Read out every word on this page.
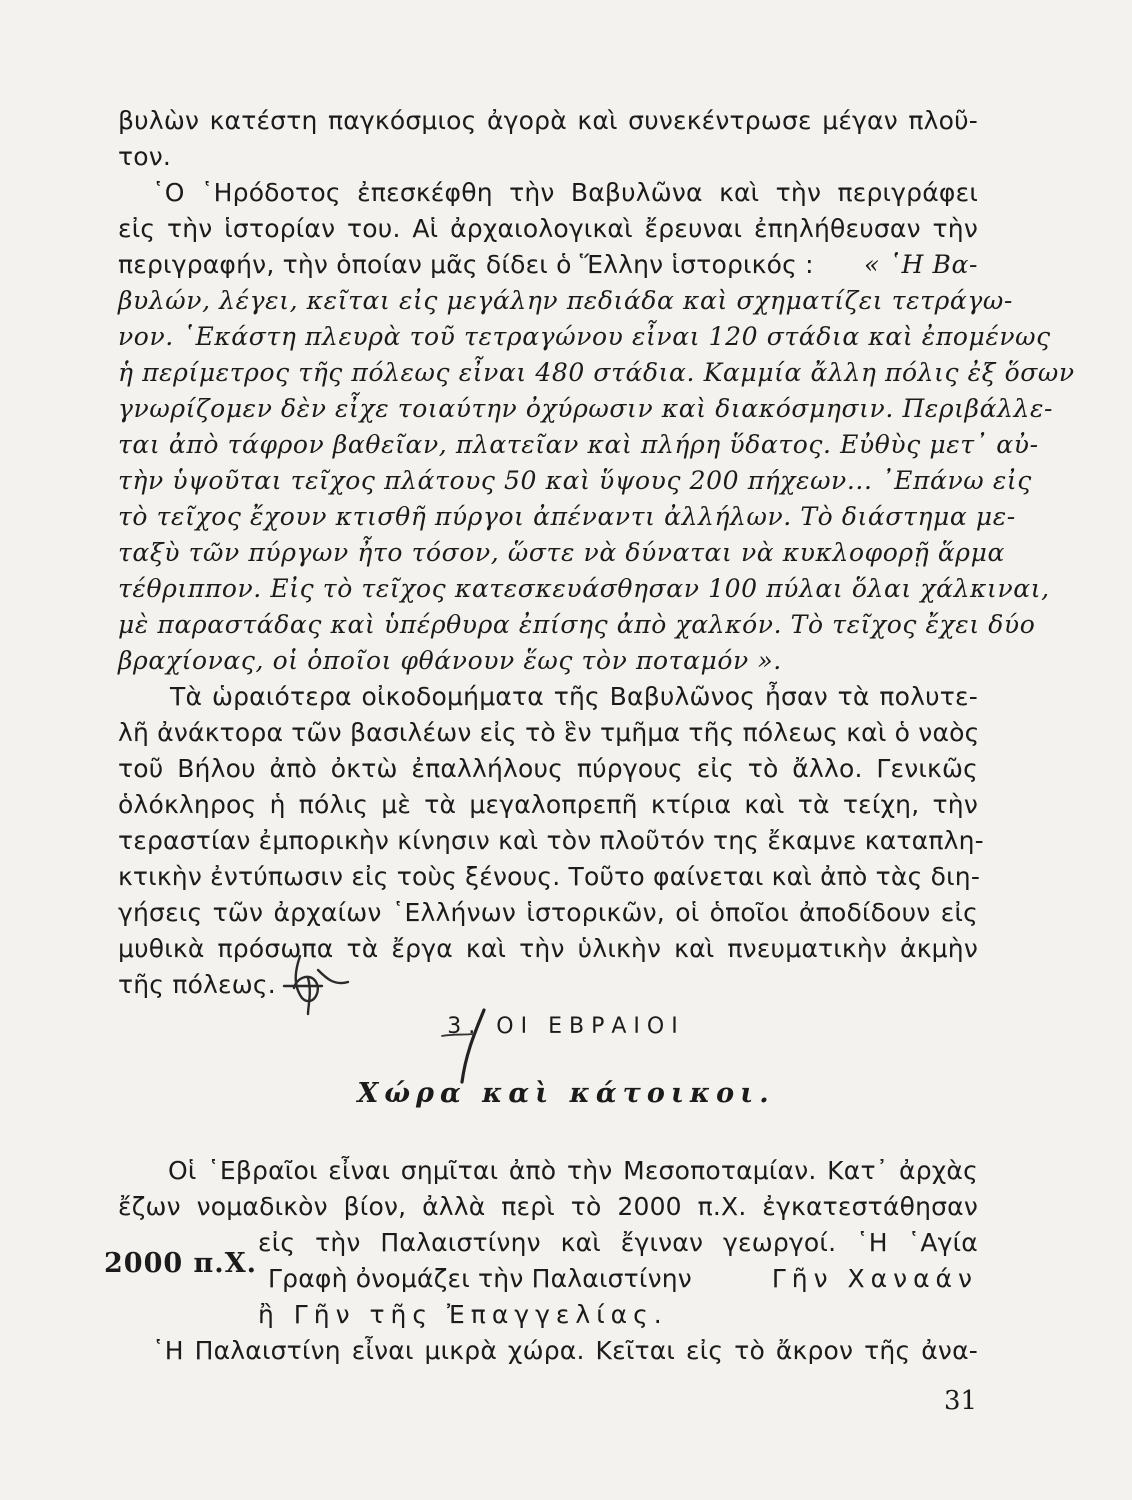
βυλὼν κατέστη παγκόσμιος ἀγορὰ καὶ συνεκέντρωσε μέγαν πλοῦ-
τον.
῾Ο ῾Ηρόδοτος ἐπεσκέφθη τὴν Βαβυλῶνα καὶ τὴν περιγράφει
εἰς τὴν ἱστορίαν του. Αἱ ἀρχαιολογικαὶ ἔρευναι ἐπηλήθευσαν τὴν
περιγραφήν, τὴν ὁποίαν μᾶς δίδει ὁ Ἕλλην ἱστορικός : « ῾Η Βα-
βυλών, λέγει, κεῖται εἰς μεγάλην πεδιάδα καὶ σχηματίζει τετράγω-
νον. ῾Εκάστη πλευρὰ τοῦ τετραγώνου εἶναι 120 στάδια καὶ ἐπομένως
ἡ περίμετρος τῆς πόλεως εἶναι 480 στάδια. Καμμία ἄλλη πόλις ἐξ ὅσων
γνωρίζομεν δὲν εἶχε τοιαύτην ὀχύρωσιν καὶ διακόσμησιν. Περιβάλλε-
ται ἀπὸ τάφρον βαθεῖαν, πλατεῖαν καὶ πλήρη ὕδατος. Εὐθὺς μετ᾽ αὐ-
τὴν ὑψοῦται τεῖχος πλάτους 50 καὶ ὕψους 200 πήχεων... ᾽Επάνω εἰς
τὸ τεῖχος ἔχουν κτισθῆ πύργοι ἀπέναντι ἀλλήλων. Τὸ διάστημα με-
ταξὺ τῶν πύργων ἦτο τόσον, ὥστε νὰ δύναται νὰ κυκλοφορῇ ἅρμα
τέθριππον. Εἰς τὸ τεῖχος κατεσκευάσθησαν 100 πύλαι ὅλαι χάλκιναι,
μὲ παραστάδας καὶ ὑπέρθυρα ἐπίσης ἀπὸ χαλκόν. Τὸ τεῖχος ἔχει δύο
βραχίονας, οἱ ὁποῖοι φθάνουν ἕως τὸν ποταμόν ».
Τὰ ὡραιότερα οἰκοδομήματα τῆς Βαβυλῶνος ἦσαν τὰ πολυτε-
λῆ ἀνάκτορα τῶν βασιλέων εἰς τὸ ἓν τμῆμα τῆς πόλεως καὶ ὁ ναὸς
τοῦ Βήλου ἀπὸ ὀκτὼ ἐπαλλήλους πύργους εἰς τὸ ἄλλο. Γενικῶς
ὁλόκληρος ἡ πόλις μὲ τὰ μεγαλοπρεπῆ κτίρια καὶ τὰ τείχη, τὴν
τεραστίαν ἐμπορικὴν κίνησιν καὶ τὸν πλοῦτόν της ἔκαμνε καταπλη-
κτικὴν ἐντύπωσιν εἰς τοὺς ξένους. Τοῦτο φαίνεται καὶ ἀπὸ τὰς διη-
γήσεις τῶν ἀρχαίων ῾Ελλήνων ἱστορικῶν, οἱ ὁποῖοι ἀποδίδουν εἰς
μυθικὰ πρόσωπα τὰ ἔργα καὶ τὴν ὑλικὴν καὶ πνευματικὴν ἀκμὴν
τῆς πόλεως.
3. ΟΙ ΕΒΡΑΙΟΙ
Χώρα καὶ κάτοικοι.
Οἱ ῾Εβραῖοι εἶναι σημῖται ἀπὸ τὴν Μεσοποταμίαν. Κατ᾽ ἀρχὰς
ἔζων νομαδικὸν βίον, ἀλλὰ περὶ τὸ 2000 π.Χ. ἐγκατεστάθησαν
εἰς τὴν Παλαιστίνην καὶ ἔγιναν γεωργοί. ῾Η ῾Αγία
2000 π.Χ. Γραφὴ ὀνομάζει τὴν Παλαιστίνην	Γῆν Χαναάν
ἢ Γῆν τῆς Ἐπαγγελίας.
῾Η Παλαιστίνη εἶναι μικρὰ χώρα. Κεῖται εἰς τὸ ἄκρον τῆς ἀνα-
31
